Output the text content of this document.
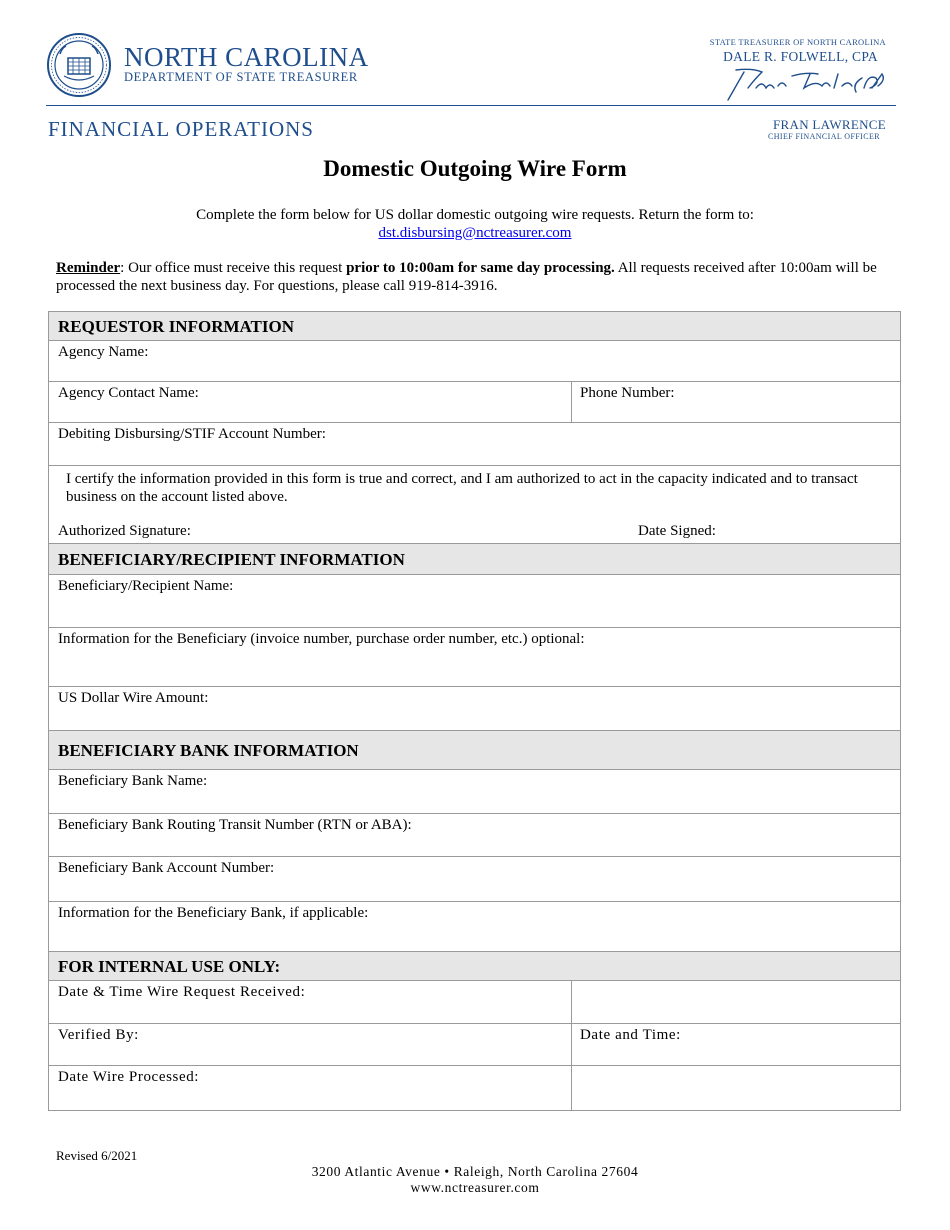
NORTH CAROLINA
DEPARTMENT OF STATE TREASURER
STATE TREASURER OF NORTH CAROLINA
DALE R. FOLWELL, CPA
FINANCIAL OPERATIONS	FRAN LAWRENCE
CHIEF FINANCIAL OFFICER
Domestic Outgoing Wire Form
Complete the form below for US dollar domestic outgoing wire requests. Return the form to:
dst.disbursing@nctreasurer.com
Reminder: Our office must receive this request prior to 10:00am for same day processing. All requests received after 10:00am will be processed the next business day. For questions, please call 919-814-3916.
REQUESTOR INFORMATION
Agency Name:
Agency Contact Name:	Phone Number:
Debiting Disbursing/STIF Account Number:
I certify the information provided in this form is true and correct, and I am authorized to act in the capacity indicated and to transact business on the account listed above.
Authorized Signature:	Date Signed:
BENEFICIARY/RECIPIENT INFORMATION
Beneficiary/Recipient Name:
Information for the Beneficiary (invoice number, purchase order number, etc.) optional:
US Dollar Wire Amount:
BENEFICIARY BANK INFORMATION
Beneficiary Bank Name:
Beneficiary Bank Routing Transit Number (RTN or ABA):
Beneficiary Bank Account Number:
Information for the Beneficiary Bank, if applicable:
FOR INTERNAL USE ONLY:
Date & Time Wire Request Received:
Verified By:	Date and Time:
Date Wire Processed:
Revised 6/2021
3200 Atlantic Avenue • Raleigh, North Carolina 27604
www.nctreasurer.com
